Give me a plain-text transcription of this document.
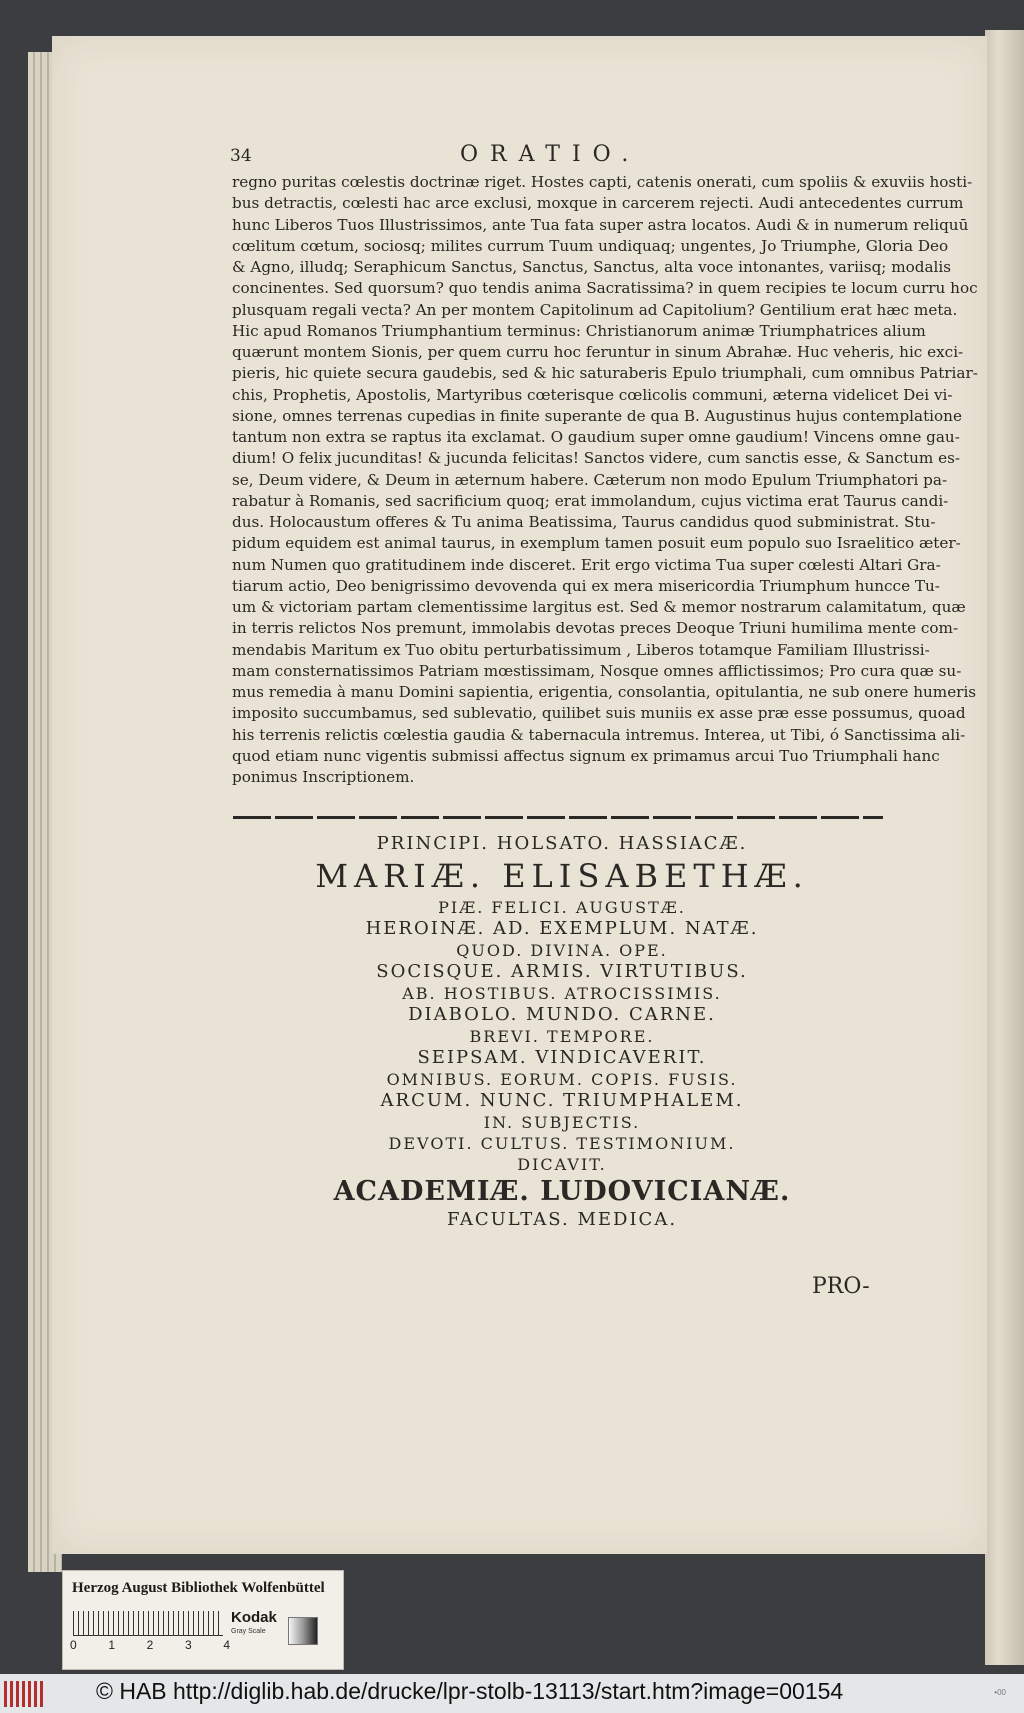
34	ORATIO.
regno puritas cœlestis doctrinæ riget. Hostes capti, catenis onerati, cum spoliis & exuviis hosti-
bus detractis, cœlesti hac arce exclusi, moxque in carcerem rejecti. Audi antecedentes currum
hunc Liberos Tuos Illustrissimos, ante Tua fata super astra locatos. Audi & in numerum reliquū
cœlitum cœtum, sociosq; milites currum Tuum undiquaq; ungentes, Jo Triumphe, Gloria Deo
& Agno, illudq; Seraphicum Sanctus, Sanctus, Sanctus, alta voce intonantes, variisq; modalis
concinentes. Sed quorsum? quo tendis anima Sacratissima? in quem recipies te locum curru hoc
plusquam regali vecta? An per montem Capitolinum ad Capitolium? Gentilium erat hæc meta.
Hic apud Romanos Triumphantium terminus: Christianorum animæ Triumphatrices alium
quærunt montem Sionis, per quem curru hoc feruntur in sinum Abrahæ. Huc veheris, hic exci-
pieris, hic quiete secura gaudebis, sed & hic saturaberis Epulo triumphali, cum omnibus Patriar-
chis, Prophetis, Apostolis, Martyribus cœterisque cœlicolis communi, æterna videlicet Dei vi-
sione, omnes terrenas cupedias in finite superante de qua B. Augustinus hujus contemplatione
tantum non extra se raptus ita exclamat. O gaudium super omne gaudium! Vincens omne gau-
dium! O felix jucunditas! & jucunda felicitas! Sanctos videre, cum sanctis esse, & Sanctum es-
se, Deum videre, & Deum in æternum habere. Cæterum non modo Epulum Triumphatori pa-
rabatur à Romanis, sed sacrificium quoq; erat immolandum, cujus victima erat Taurus candi-
dus. Holocaustum offeres & Tu anima Beatissima, Taurus candidus quod subministrat. Stu-
pidum equidem est animal taurus, in exemplum tamen posuit eum populo suo Israelitico æter-
num Numen quo gratitudinem inde disceret. Erit ergo victima Tua super cœlesti Altari Gra-
tiarum actio, Deo benigrissimo devovenda qui ex mera misericordia Triumphum huncce Tu-
um & victoriam partam clementissime largitus est. Sed & memor nostrarum calamitatum, quæ
in terris relictos Nos premunt, immolabis devotas preces Deoque Triuni humilima mente com-
mendabis Maritum ex Tuo obitu perturbatissimum , Liberos totamque Familiam Illustrissi-
mam consternatissimos Patriam mœstissimam, Nosque omnes afflictissimos; Pro cura quæ su-
mus remedia à manu Domini sapientia, erigentia, consolantia, opitulantia, ne sub onere humeris
imposito succumbamus, sed sublevatio, quilibet suis muniis ex asse præ esse possumus, quoad
his terrenis relictis cœlestia gaudia & tabernacula intremus. Interea, ut Tibi, ó Sanctissima ali-
quod etiam nunc vigentis submissi affectus signum ex primamus arcui Tuo Triumphali hanc
ponimus Inscriptionem.
PRINCIPI. HOLSATO. HASSIACÆ.
MARIÆ. ELISABETHÆ.
PIÆ. FELICI. AUGUSTÆ.
HEROINÆ. AD. EXEMPLUM. NATÆ.
QUOD. DIVINA. OPE.
SOCISQUE. ARMIS. VIRTUTIBUS.
AB. HOSTIBUS. ATROCISSIMIS.
DIABOLO. MUNDO. CARNE.
BREVI. TEMPORE.
SEIPSAM. VINDICAVERIT.
OMNIBUS. EORUM. COPIS. FUSIS.
ARCUM. NUNC. TRIUMPHALEM.
IN. SUBJECTIS.
DEVOTI. CULTUS. TESTIMONIUM.
DICAVIT.
ACADEMIÆ. LUDOVICIANÆ.
FACULTAS. MEDICA.
PRO-
Herzog August Bibliothek Wolfenbüttel
0	1	2	3	4
Kodak
Gray Scale
© HAB http://diglib.hab.de/drucke/lpr-stolb-13113/start.htm?image=00154	•00
